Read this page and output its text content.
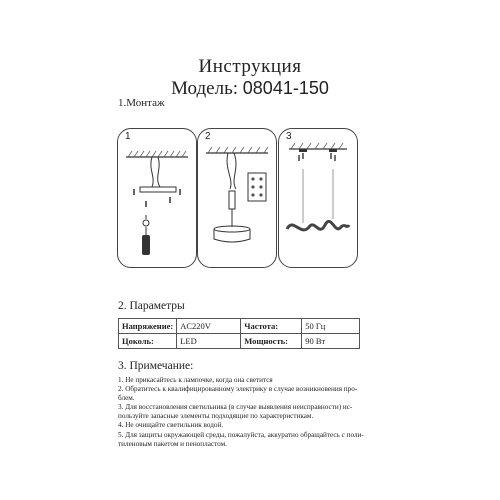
Инструкция
Модель: 08041-150
1.Монтаж
1	2	3
2. Параметры
Напряжение:	AC220V	Частота:	50 Гц
Цоколь:	LED	Мощность:	90 Вт
3. Примечание:
1. Не прикасайтесь к лампочке, когда она светится
2. Обратитесь к квалифицированному электрику в случае возникновения про-
блем.
3. Для восстановления светильника (в случае выявления неисправности) ис-
пользуйте запасные элементы подходящие по характеристикам.
4. Не очищайте светильник водой.
5. Для защиты окружающей среды, пожалуйста, аккуратно обращайтесь с поли-
тиленовым пакетом и пенопластом.
